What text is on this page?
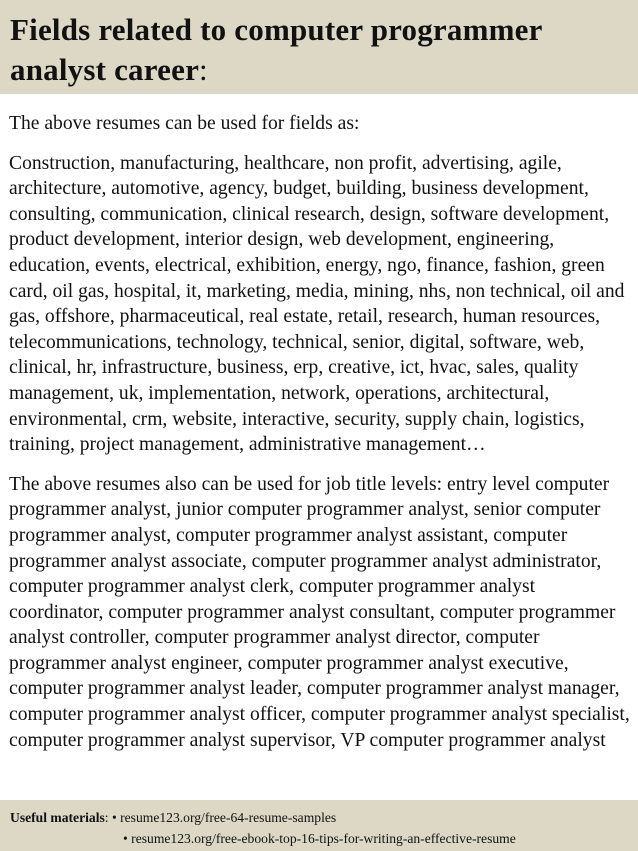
Fields related to computer programmer analyst career:

The above resumes can be used for fields as:

Construction, manufacturing, healthcare, non profit, advertising, agile, architecture, automotive, agency, budget, building, business development, consulting, communication, clinical research, design, software development, product development, interior design, web development, engineering, education, events, electrical, exhibition, energy, ngo, finance, fashion, green card, oil gas, hospital, it, marketing, media, mining, nhs, non technical, oil and gas, offshore, pharmaceutical, real estate, retail, research, human resources, telecommunications, technology, technical, senior, digital, software, web, clinical, hr, infrastructure, business, erp, creative, ict, hvac, sales, quality management, uk, implementation, network, operations, architectural, environmental, crm, website, interactive, security, supply chain, logistics, training, project management, administrative management…

The above resumes also can be used for job title levels: entry level computer programmer analyst, junior computer programmer analyst, senior computer programmer analyst, computer programmer analyst assistant, computer programmer analyst associate, computer programmer analyst administrator, computer programmer analyst clerk, computer programmer analyst coordinator, computer programmer analyst consultant, computer programmer analyst controller, computer programmer analyst director, computer programmer analyst engineer, computer programmer analyst executive, computer programmer analyst leader, computer programmer analyst manager, computer programmer analyst officer, computer programmer analyst specialist, computer programmer analyst supervisor, VP computer programmer analyst

Useful materials: • resume123.org/free-64-resume-samples
• resume123.org/free-ebook-top-16-tips-for-writing-an-effective-resume
